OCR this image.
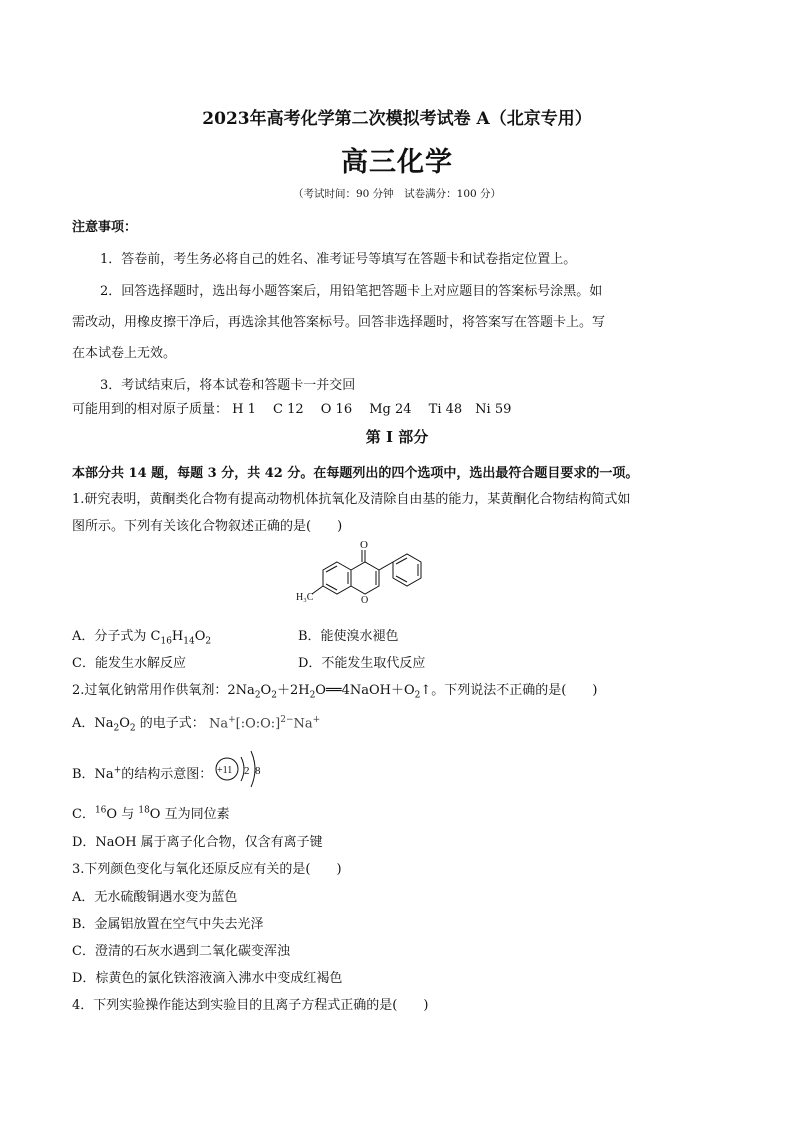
2023年高考化学第二次模拟考试卷 A（北京专用）
高三化学
（考试时间：90 分钟　试卷满分：100 分）
注意事项：
1．答卷前，考生务必将自己的姓名、准考证号等填写在答题卡和试卷指定位置上。
2．回答选择题时，选出每小题答案后，用铅笔把答题卡上对应题目的答案标号涂黑。如
需改动，用橡皮擦干净后，再选涂其他答案标号。回答非选择题时，将答案写在答题卡上。写
在本试卷上无效。
3．考试结束后，将本试卷和答题卡一并交回
可能用到的相对原子质量： H 1　 C 12　 O 16　 Mg 24　 Ti 48　Ni 59
第 I 部分
本部分共 14 题，每题 3 分，共 42 分。在每题列出的四个选项中，选出最符合题目要求的一项。
1.研究表明，黄酮类化合物有提高动物机体抗氧化及清除自由基的能力，某黄酮化合物结构简式如
图所示。下列有关该化合物叙述正确的是(　　)
O
O
H₃C
A．分子式为 $C_{16}H_{14}O_2$	B．能使溴水褪色
C．能发生水解反应	D．不能发生取代反应
2.过氧化钠常用作供氧剂：$2Na_2O_2+2H_2O══4NaOH+O_2↑$。下列说法不正确的是(　　)
A．$Na_2O_2$ 的电子式： Na+[:O:O:]$^{2-}$Na+
B．Na+的结构示意图： +11 2 8
C．$^{16}$O 与 $^{18}$O 互为同位素
D．NaOH 属于离子化合物，仅含有离子键
3.下列颜色变化与氧化还原反应有关的是(　　)
A．无水硫酸铜遇水变为蓝色
B．金属铝放置在空气中失去光泽
C．澄清的石灰水遇到二氧化碳变浑浊
D．棕黄色的氯化铁溶液滴入沸水中变成红褐色
4．下列实验操作能达到实验目的且离子方程式正确的是(　　)
